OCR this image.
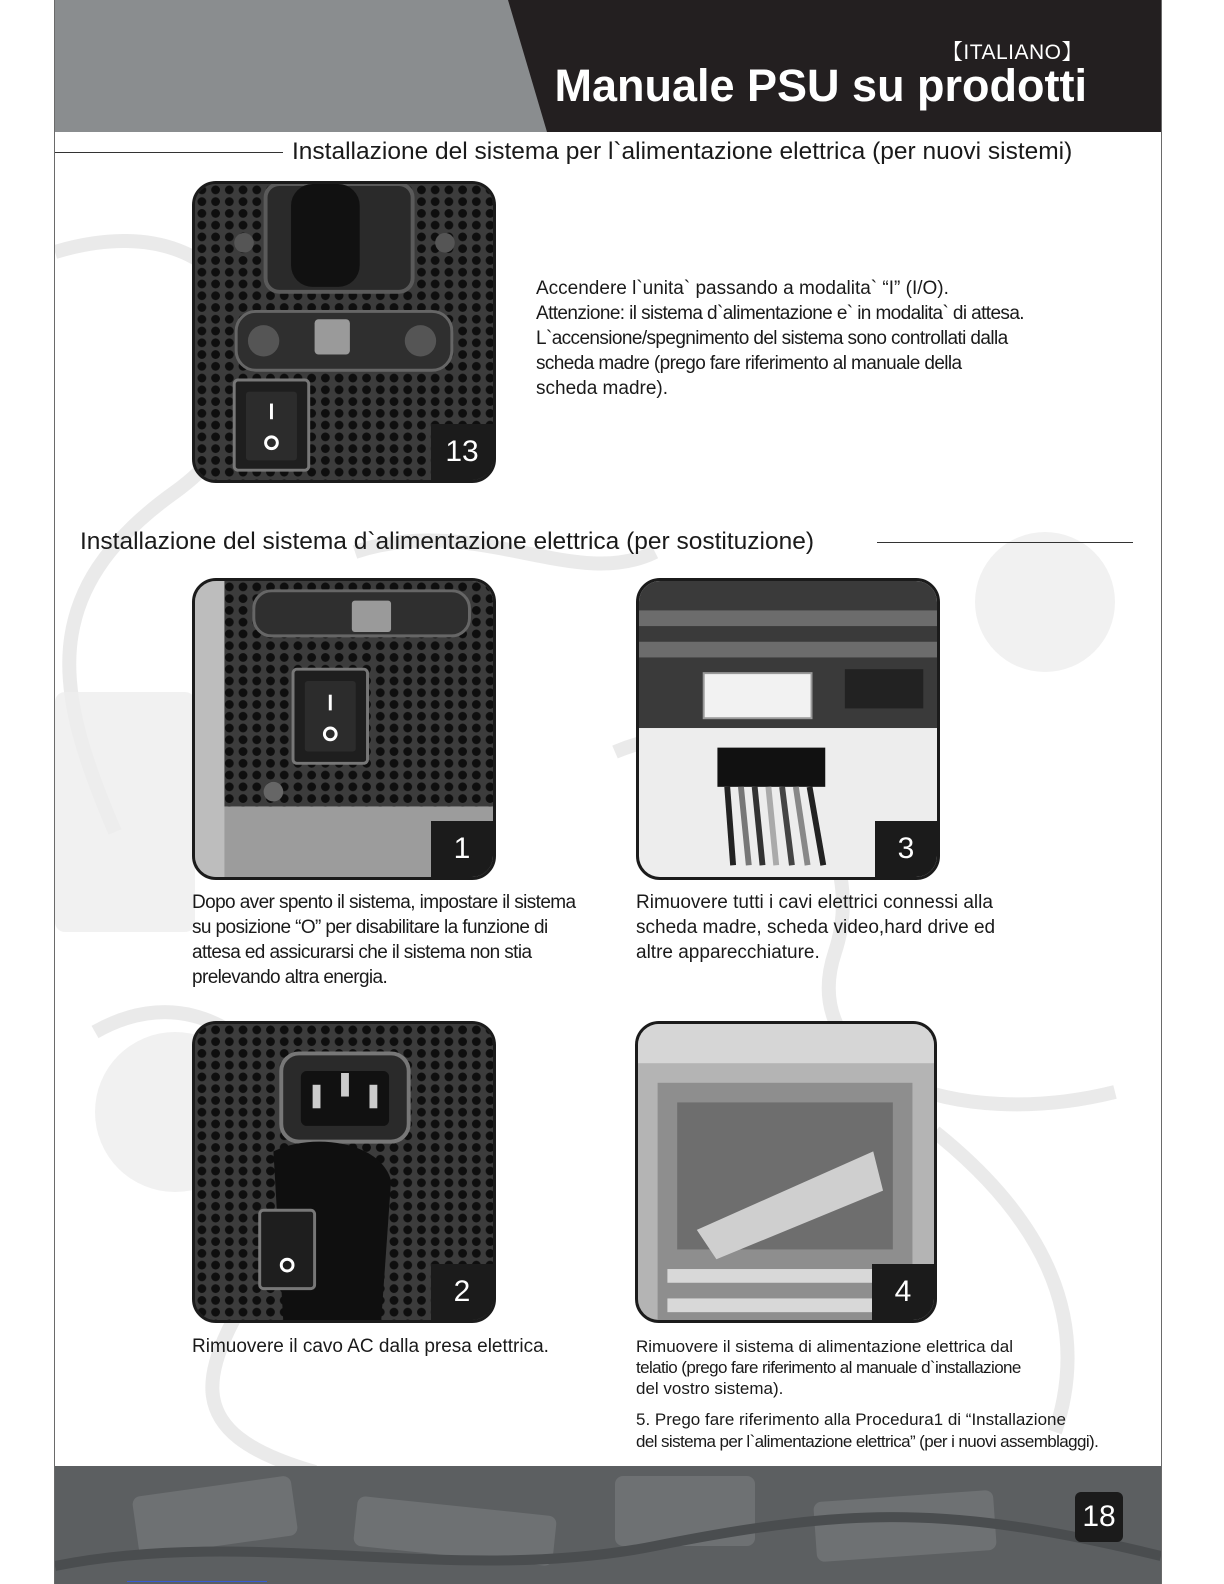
【ITALIANO】
Manuale PSU su prodotti
Installazione del sistema per l`alimentazione elettrica (per nuovi sistemi)
13

Accendere l`unita` passando a modalita` “I” (I/O).

Attenzione: il sistema d`alimentazione e` in modalita` di attesa.

L`accensione/spegnimento del sistema sono controllati dalla

scheda madre (prego fare riferimento al manuale della

scheda madre).

Installazione del sistema d`alimentazione elettrica (per sostituzione)
1

Dopo aver spento il sistema, impostare il sistema

su posizione “O” per disabilitare la funzione di

attesa ed assicurarsi che il sistema non stia

prelevando altra energia.

3

Rimuovere tutti i cavi elettrici connessi alla

scheda madre, scheda video,hard drive ed

altre apparecchiature.

2

Rimuovere il cavo AC dalla presa elettrica.

4

Rimuovere il sistema di alimentazione elettrica dal

telatio (prego fare riferimento al manuale d`installazione

del vostro sistema).

5. Prego fare riferimento alla Procedura1 di “Installazione

del sistema per l`alimentazione elettrica” (per i nuovi assemblaggi).

18
